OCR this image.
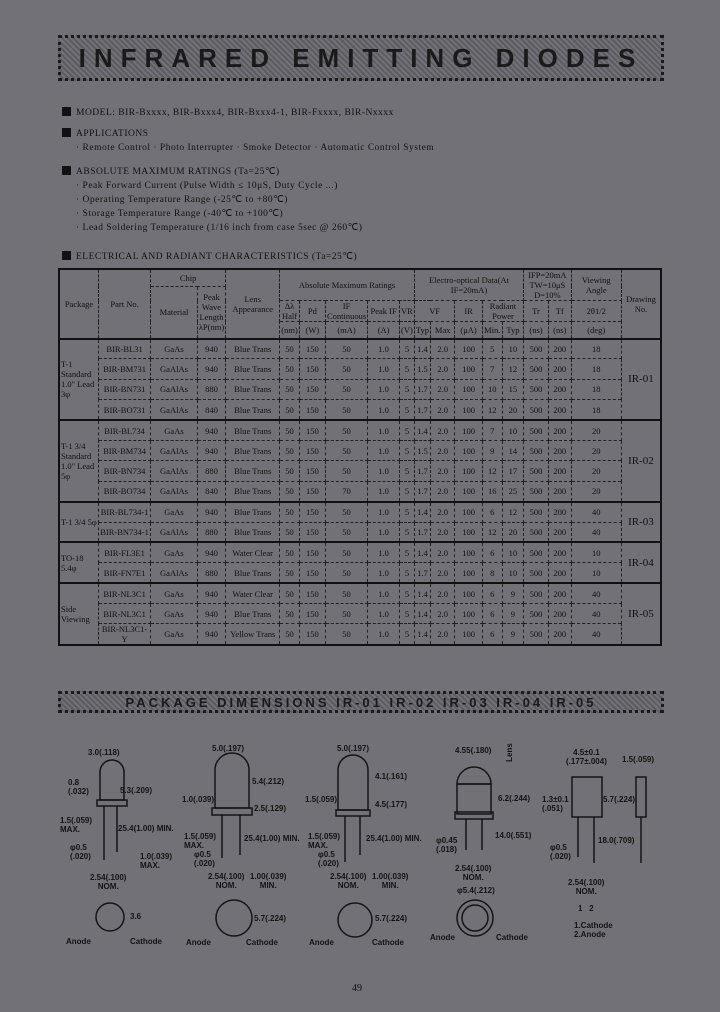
INFRARED EMITTING DIODES
MODEL: BIR-Bxxxx, BIR-Bxxx4, BIR-Bxxx4-1, BIR-Fxxxx, BIR-Nxxxx
APPLICATIONS
· Remote Control · Photo Interrupter · Smoke Detector · Automatic Control System
ABSOLUTE MAXIMUM RATINGS (Ta=25℃)
· Peak Forward Current (Pulse Width ≤ 10μS, Duty Cycle ...)
· Operating Temperature Range (-25℃ to +80℃)
· Storage Temperature Range (-40℃ to +100℃)
· Lead Soldering Temperature (1/16 inch from case 5sec @ 260℃)
ELECTRICAL AND RADIANT CHARACTERISTICS (Ta=25℃)
Package	Part No.	Chip		Lens Appearance	Absolute Maximum Ratings					Electro-optical Data(At IF=20mA)					IFP=20mA TW=10μS D=10%		Viewing Angle	Drawing No.
		Material	Peak Wave Length λP(nm)															
					Δλ Half	Pd	IF Continuous	Peak IF	VR	VF		IR	Radiant Power		Tr	Tf	2θ1/2	
					(nm)	(W)	(mA)	(A)	(V)	Typ	Max	(μA)	Min.	Typ	(ns)	(ns)	(deg)	
T-1 Standard 1.0" Lead 3φ	BIR-BL31	GaAs	940	Blue Trans	50	150	50	1.0	5	1.4	2.0	100	5	10	500	200	18	IR-01
	BIR-BM731	GaAlAs	940	Blue Trans	50	150	50	1.0	5	1.5	2.0	100	7	12	500	200	18	
	BIR-BN731	GaAlAs	880	Blue Trans	50	150	50	1.0	5	1.7	2.0	100	10	15	500	200	18	
	BIR-BO731	GaAlAs	840	Blue Trans	50	150	50	1.0	5	1.7	2.0	100	12	20	500	200	18	
T-1 3/4 Standard 1.0" Lead 5φ	BIR-BL734	GaAs	940	Blue Trans	50	150	50	1.0	5	1.4	2.0	100	7	10	500	200	20	IR-02
	BIR-BM734	GaAlAs	940	Blue Trans	50	150	50	1.0	5	1.5	2.0	100	9	14	500	200	20	
	BIR-BN734	GaAlAs	880	Blue Trans	50	150	50	1.0	5	1.7	2.0	100	12	17	500	200	20	
	BIR-BO734	GaAlAs	840	Blue Trans	50	150	70	1.0	5	1.7	2.0	100	16	25	500	200	20	
T-1 3/4 5φ	BIR-BL734-1	GaAs	940	Blue Trans	50	150	50	1.0	5	1.4	2.0	100	6	12	500	200	40	IR-03
	BIR-BN734-1	GaAlAs	880	Blue Trans	50	150	50	1.0	5	1.7	2.0	100	12	20	500	200	40	
TO-18 5.4φ	BIR-FL3E1	GaAs	940	Water Clear	50	150	50	1.0	5	1.4	2.0	100	6	10	500	200	10	IR-04
	BIR-FN7E1	GaAlAs	880	Blue Trans	50	150	50	1.0	5	1.7	2.0	100	8	10	500	200	10	
Side Viewing	BIR-NL3C1	GaAs	940	Water Clear	50	150	50	1.0	5	1.4	2.0	100	6	9	500	200	40	IR-05
	BIR-NL3C1	GaAs	940	Blue Trans	50	150	50	1.0	5	1.4	2.0	100	6	9	500	200	40	
	BIR-NL3C1-Y	GaAs	940	Yellow Trans	50	150	50	1.0	5	1.4	2.0	100	6	9	500	200	40	
PACKAGE DIMENSIONS IR-01 IR-02 IR-03 IR-04 IR-05
3.0(.118)
0.8
(.032)	5.3(.209)
1.5(.059)
MAX.	25.4(1.00) MIN.
φ0.5
(.020)	1.0(.039)
MAX.
2.54(.100)
NOM.
3.6
Anode	Cathode
5.0(.197)
5.4(.212)
1.0(.039)
2.5(.129)
1.5(.059)
MAX.
25.4(1.00) MIN.
φ0.5
(.020)
2.54(.100)
NOM.
1.00(.039)
MIN.
5.7(.224)
Anode	Cathode
5.0(.197)
4.1(.161)
1.5(.059)
4.5(.177)
1.5(.059)
MAX.
25.4(1.00) MIN.
φ0.5
(.020)
2.54(.100)
NOM.
1.00(.039)
MIN.
5.7(.224)
Anode	Cathode
4.55(.180) Lens
6.2(.244)
φ0.45
(.018)
14.0(.551)
2.54(.100)
NOM.
φ5.4(.212)
Anode	Cathode
4.5±0.1
(.177±.004) 1.5(.059)
1.3±0.1
(.051)
5.7(.224)
φ0.5
(.020)
18.0(.709)
2.54(.100)
NOM.
1   2
1.Cathode
2.Anode
49
